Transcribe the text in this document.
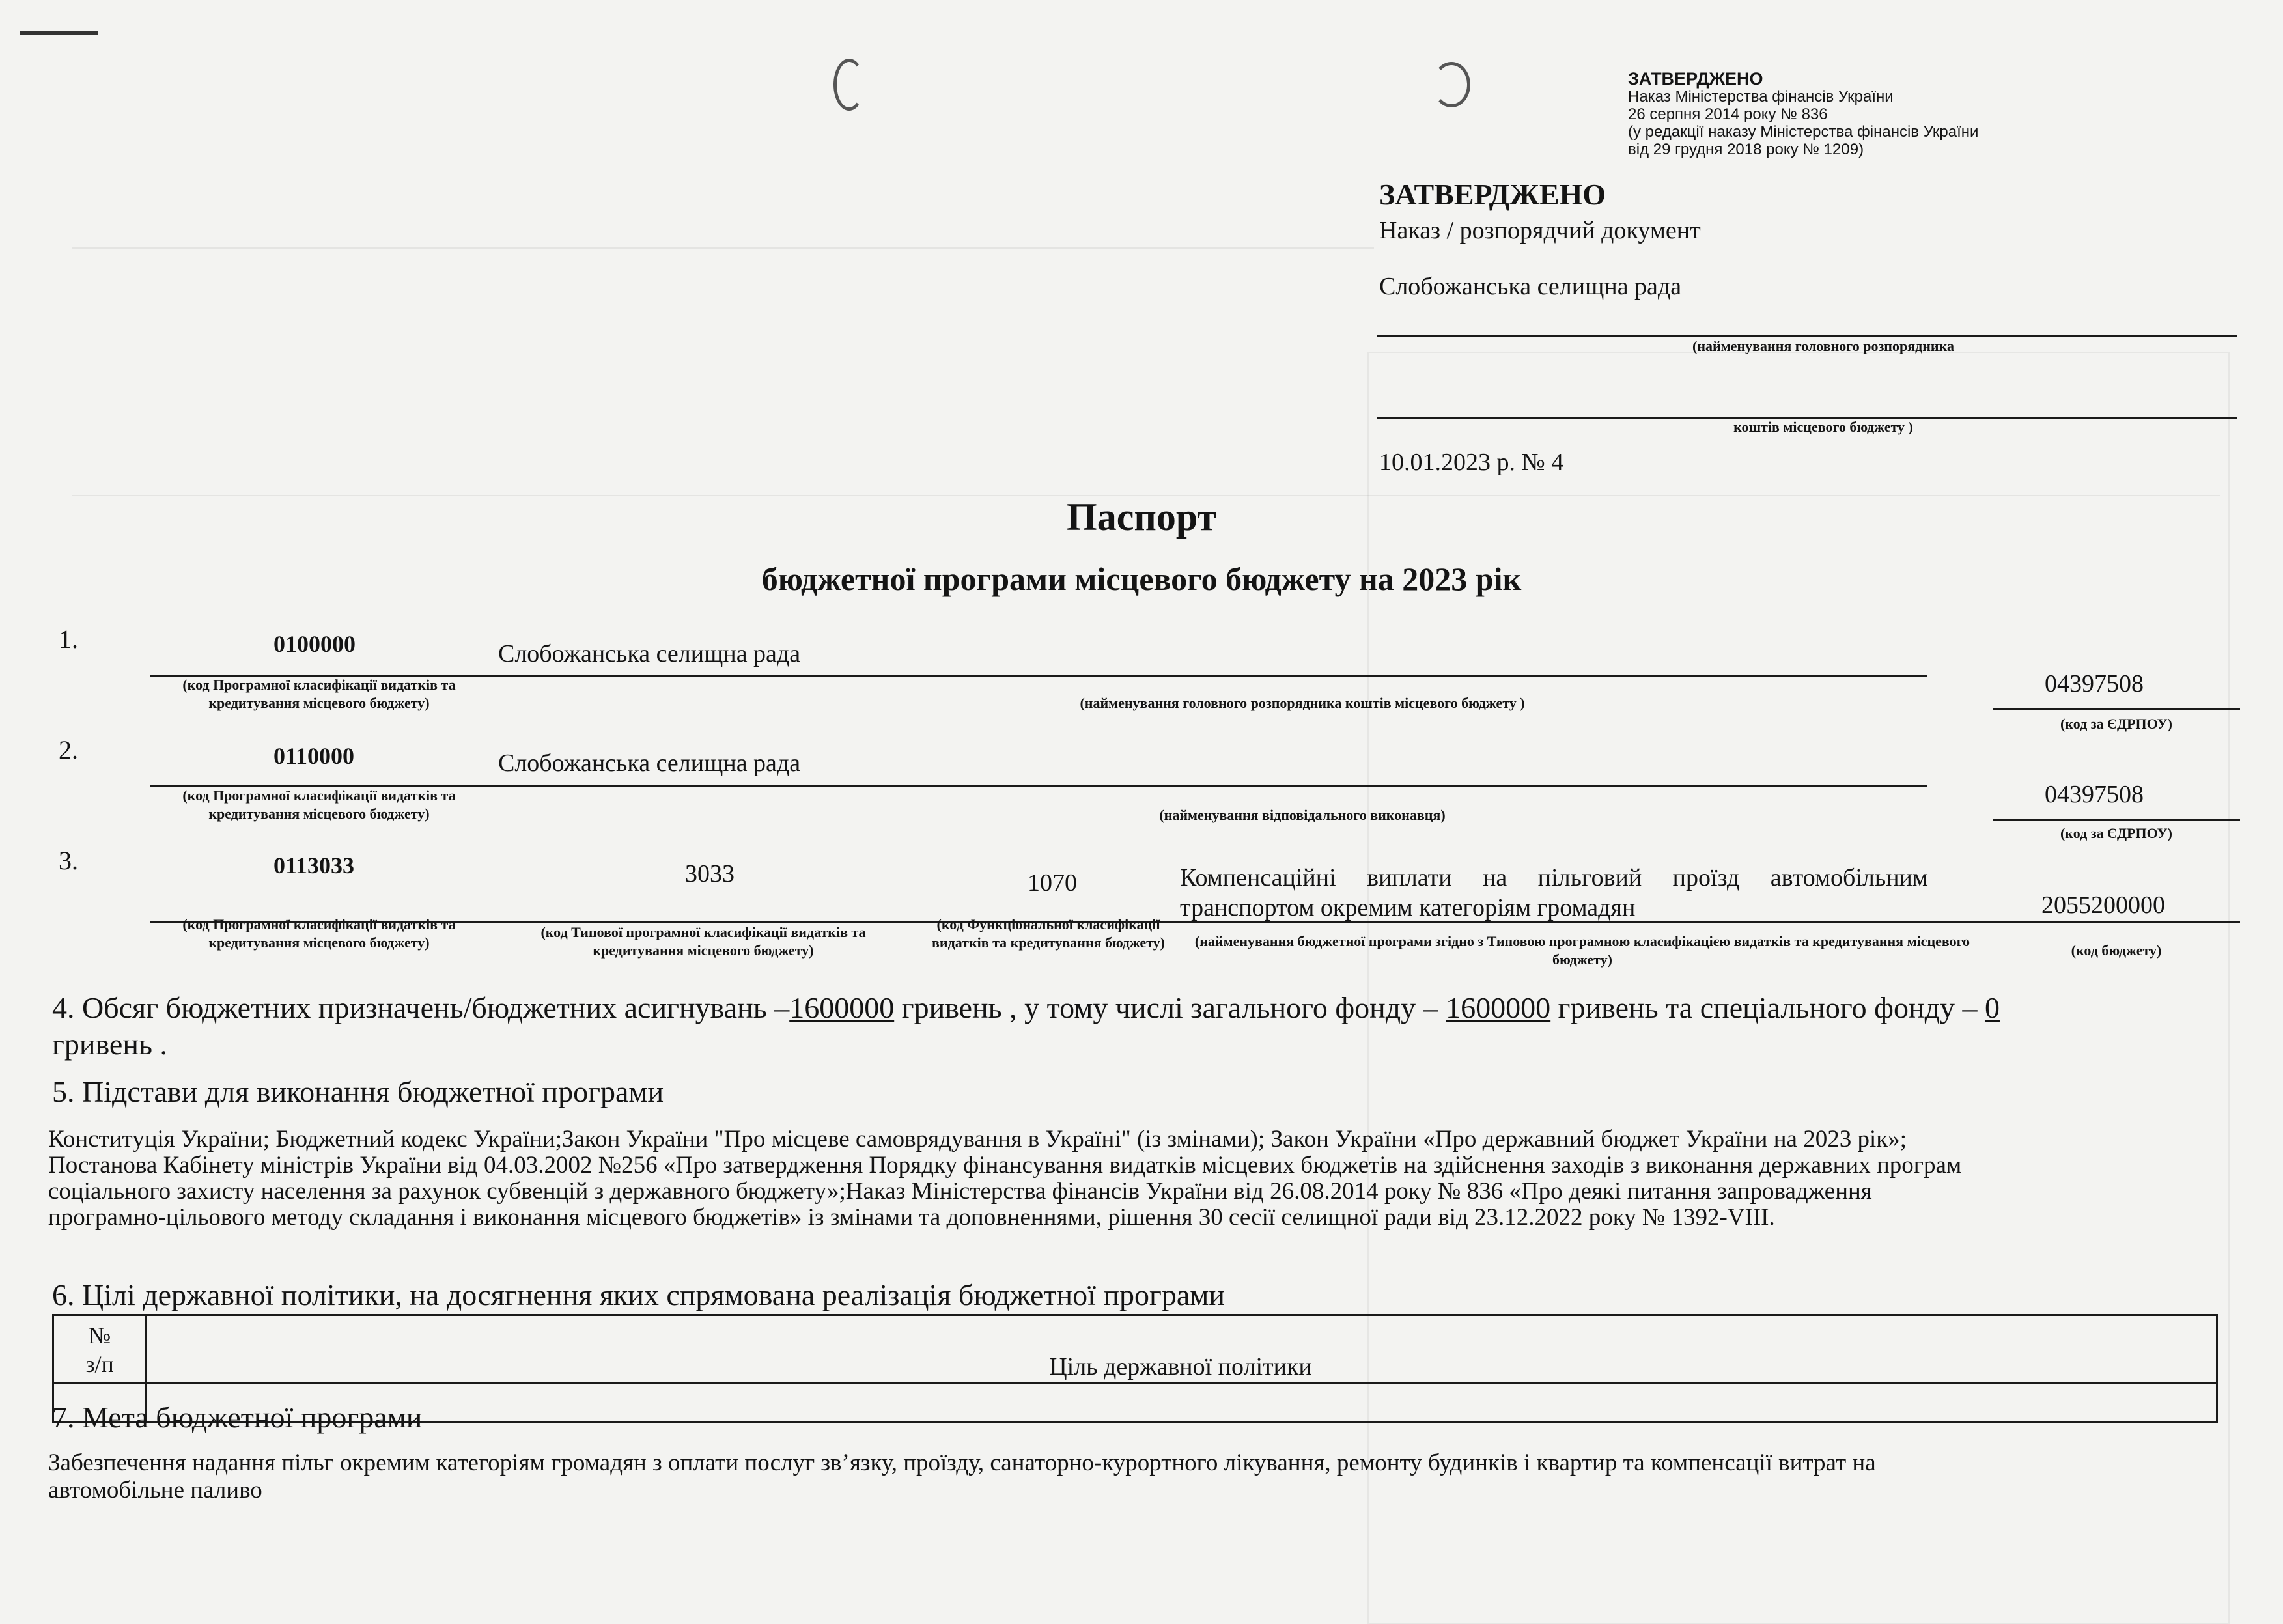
ЗАТВЕРДЖЕНО
Наказ Міністерства фінансів України
26 серпня 2014 року № 836
(у редакції наказу Міністерства фінансів України
від 29 грудня 2018 року № 1209)
ЗАТВЕРДЖЕНО
Наказ / розпорядчий документ
Слобожанська селищна рада
(найменування головного розпорядника
коштів місцевого бюджету )
10.01.2023 р. № 4
Паспорт
бюджетної програми місцевого бюджету на 2023 рік
1.	0100000	Слобожанська селищна рада
(код Програмної класифікації видатків та кредитування місцевого бюджету)	(найменування головного розпорядника коштів місцевого бюджету )
04397508
(код за ЄДРПОУ)
2.	0110000	Слобожанська селищна рада
(код Програмної класифікації видатків та кредитування місцевого бюджету)	(найменування відповідального виконавця)
04397508
(код за ЄДРПОУ)
3.	0113033	3033	1070	Компенсаційні     виплати     на     пільговий     проїзд     автомобільним
транспортом окремим категоріям громадян	2055200000
(код Програмної класифікації видатків та кредитування місцевого бюджету)
(код Типової програмної класифікації видатків та кредитування місцевого бюджету)
(код Функціональної класифікації видатків та кредитування бюджету)	(найменування бюджетної програми згідно з Типовою програмною класифікацією видатків та кредитування місцевого бюджету)
(код бюджету)
4. Обсяг бюджетних призначень/бюджетних асигнувань –1600000 гривень , у тому числі загального фонду – 1600000 гривень та спеціального фонду – 0
гривень .
5. Підстави для виконання бюджетної програми
Конституція України; Бюджетний кодекс України;Закон України "Про місцеве самоврядування в Україні" (із змінами); Закон України «Про державний бюджет України на 2023 рік»;
Постанова Кабінету міністрів України від 04.03.2002 №256 «Про затвердження Порядку фінансування видатків місцевих бюджетів на здійснення заходів з виконання державних програм
соціального захисту населення за рахунок субвенцій з державного бюджету»;Наказ Міністерства фінансів України від 26.08.2014 року № 836 «Про деякі питання запровадження
програмно-цільового методу складання і виконання місцевого бюджетів» із змінами та доповненнями, рішення 30 сесії селищної ради від 23.12.2022 року № 1392-VIII.
6. Цілі державної політики, на досягнення яких спрямована реалізація бюджетної програми
№
з/п	Ціль державної політики
7. Мета бюджетної програми
Забезпечення надання пільг окремим категоріям громадян з оплати послуг зв’язку, проїзду, санаторно-курортного лікування, ремонту будинків і квартир та компенсації витрат на
автомобільне паливо
